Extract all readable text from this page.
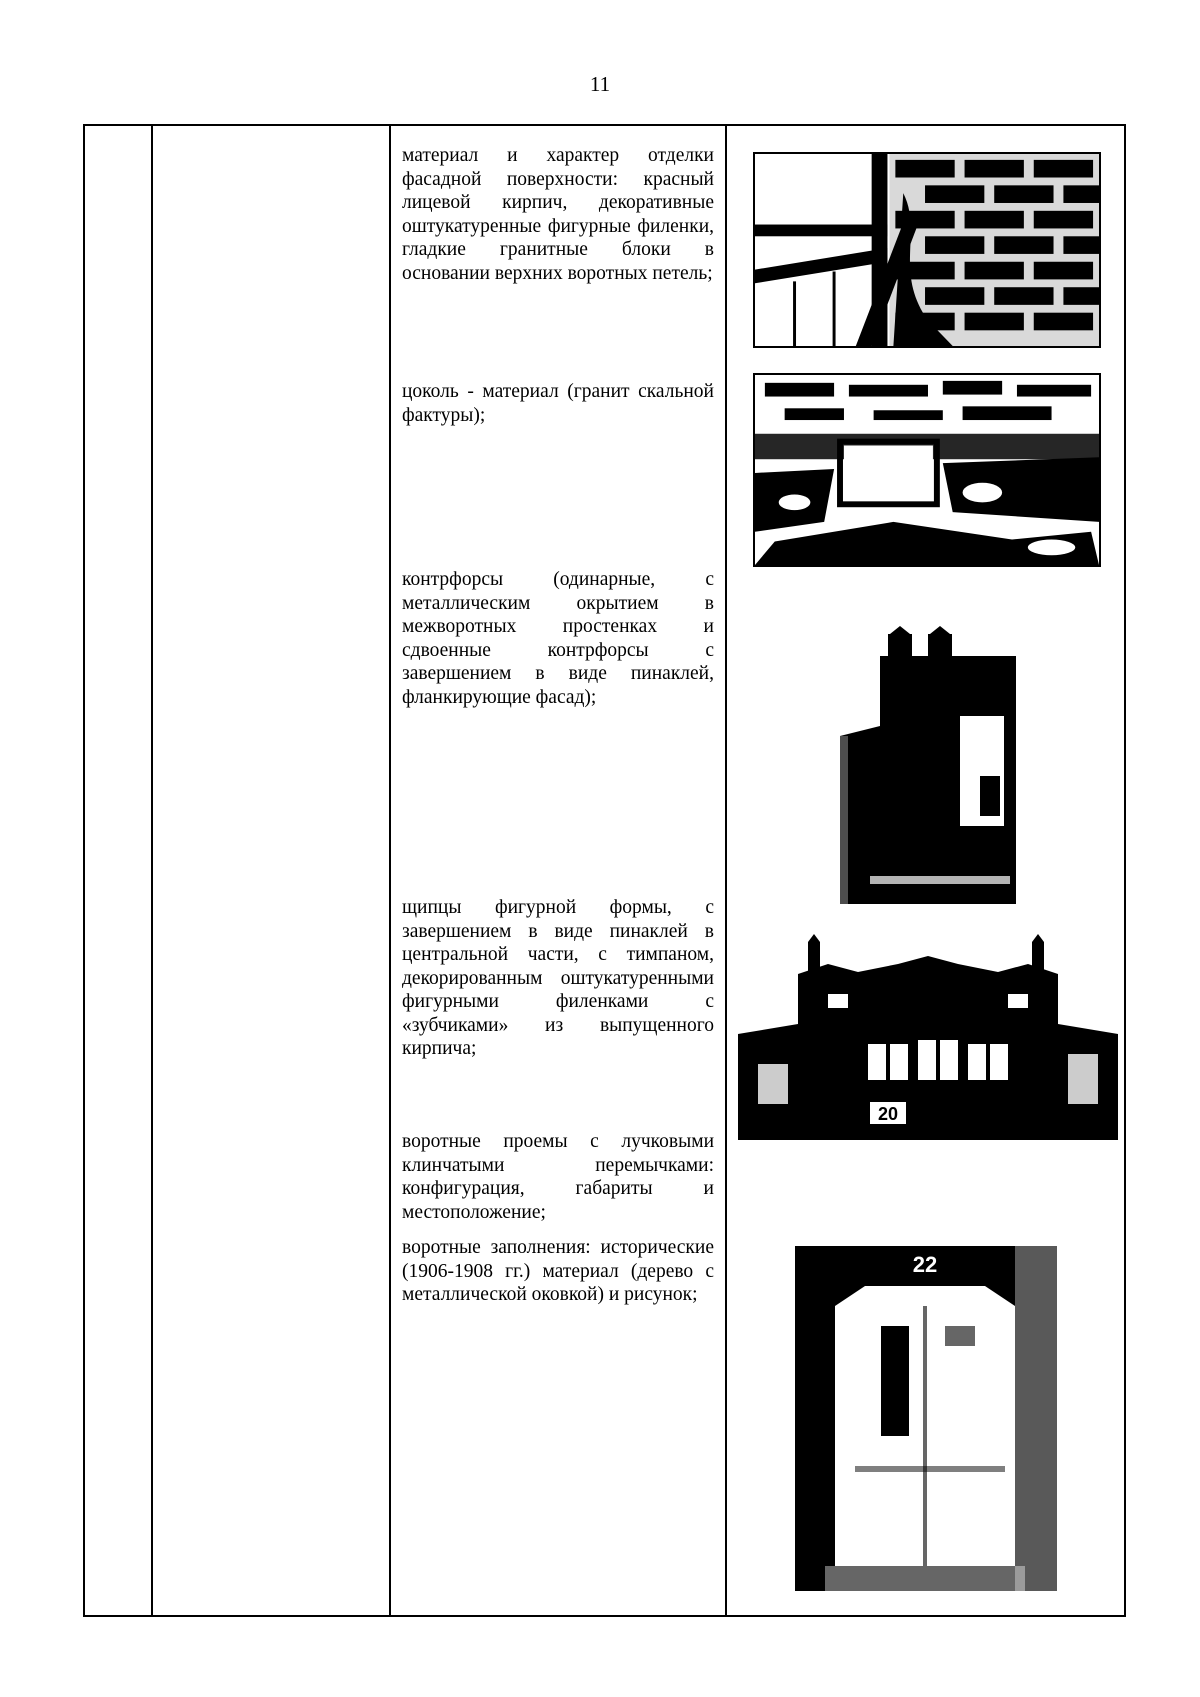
11

материал и характер отделки фасадной поверхности: красный лицевой кирпич, декоративные оштукатуренные фигурные филенки, гладкие гранитные блоки в основании верхних воротных петель;

цоколь - материал (гранит скальной фактуры);

контрфорсы (одинарные, с металлическим окрытием в межворотных простенках и сдвоенные контрфорсы с завершением в виде пинаклей, фланкирующие фасад);

щипцы фигурной формы, с завершением в виде пинаклей в центральной части, с тимпаном, декорированным оштукатуренными фигурными филенками с «зубчиками» из выпущенного кирпича;

20

воротные проемы с лучковыми клинчатыми перемычками: конфигурация, габариты и местоположение;

воротные заполнения: исторические (1906-1908 гг.) материал (дерево с металлической оковкой) и рисунок;

22
